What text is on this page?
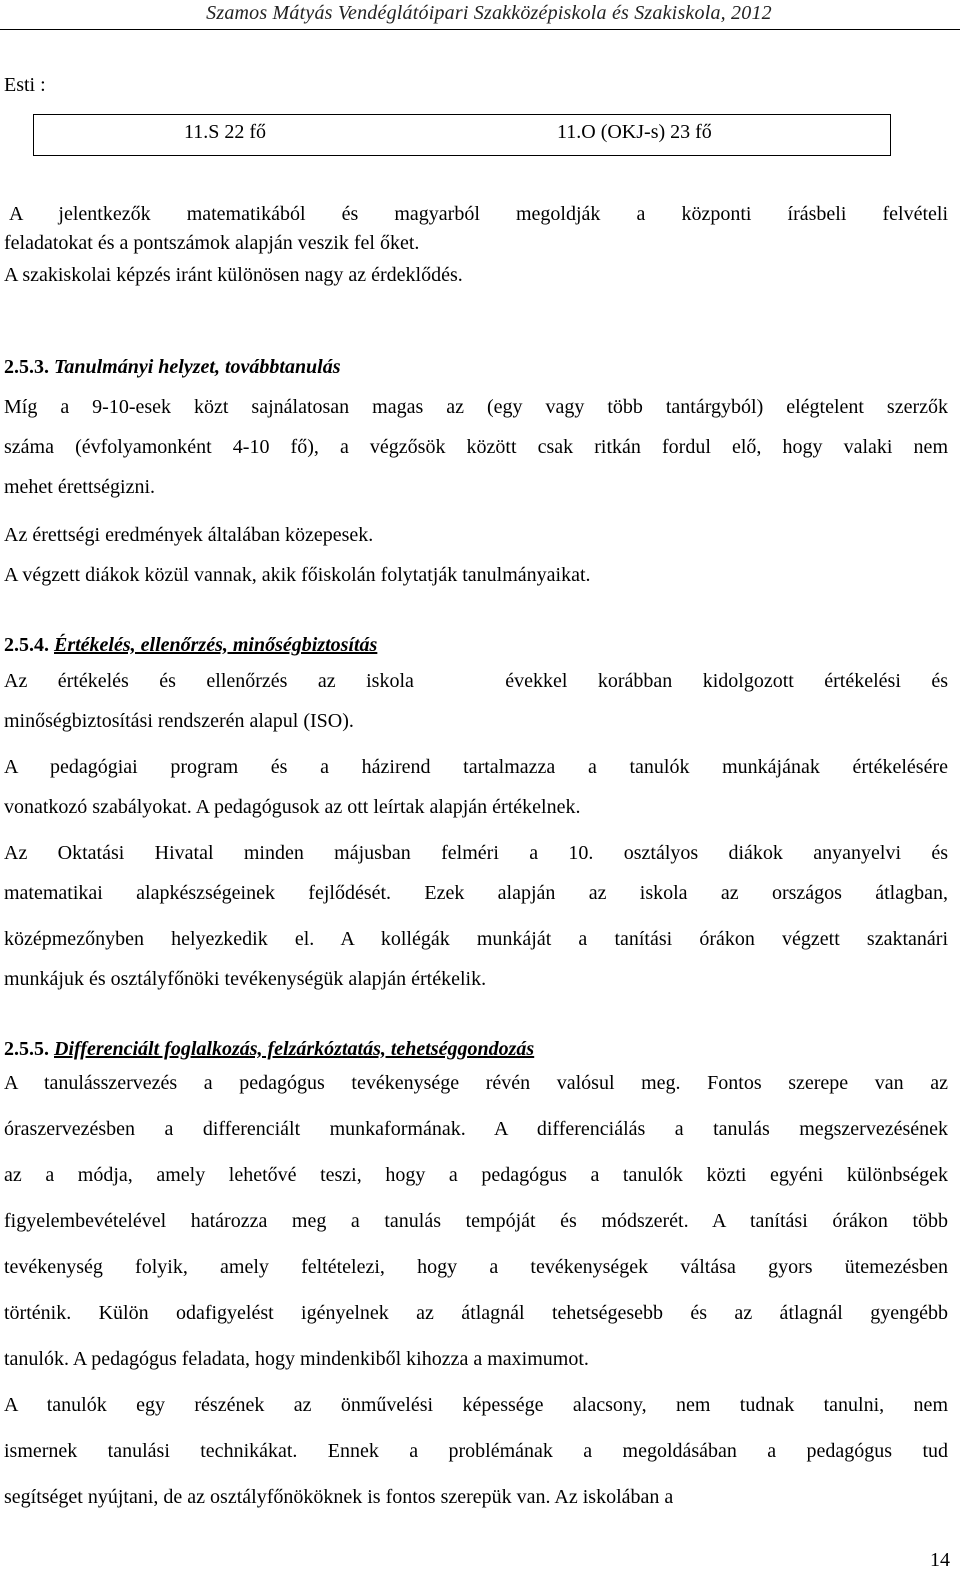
Szamos Mátyás Vendéglátóipari Szakközépiskola és Szakiskola, 2012
Esti :
11.S 22 fő	11.O (OKJ-s) 23 fő

A jelentkezők matematikából és magyarból megoldják a központi írásbeli felvételi

feladatokat és a pontszámok alapján veszik fel őket.

A szakiskolai képzés iránt különösen nagy az érdeklődés.

2.5.3. Tanulmányi helyzet, továbbtanulás

Míg a 9-10-esek közt sajnálatosan magas az (egy vagy több tantárgyból) elégtelent szerzők

száma (évfolyamonként 4-10 fő), a végzősök között csak ritkán fordul elő, hogy valaki nem

mehet érettségizni.

Az érettségi eredmények általában közepesek.

A végzett diákok közül vannak, akik főiskolán folytatják tanulmányaikat.

2.5.4. Értékelés, ellenőrzés, minőségbiztosítás

Az  értékelés  és  ellenőrzés  az  iskola      évekkel  korábban  kidolgozott  értékelési  és

minőségbiztosítási rendszerén alapul (ISO).

A pedagógiai program és a házirend tartalmazza a tanulók munkájának értékelésére

vonatkozó szabályokat. A pedagógusok az ott leírtak alapján értékelnek.

Az Oktatási Hivatal minden májusban felméri a 10. osztályos diákok anyanyelvi és

matematikai alapkészségeinek fejlődését. Ezek alapján az iskola az országos átlagban,

középmezőnyben helyezkedik el. A kollégák munkáját a tanítási órákon végzett szaktanári

munkájuk és osztályfőnöki tevékenységük alapján értékelik.

2.5.5. Differenciált foglalkozás, felzárkóztatás, tehetséggondozás

A tanulásszervezés a pedagógus tevékenysége révén valósul meg. Fontos szerepe van az

óraszervezésben a differenciált munkaformának. A differenciálás a tanulás megszervezésének

az a módja, amely lehetővé teszi, hogy a pedagógus a tanulók közti egyéni különbségek

figyelembevételével határozza meg a tanulás tempóját és módszerét. A tanítási órákon több

tevékenység folyik, amely feltételezi, hogy a tevékenységek váltása gyors ütemezésben

történik. Külön odafigyelést igényelnek az átlagnál tehetségesebb és az átlagnál gyengébb

tanulók. A pedagógus feladata, hogy mindenkiből kihozza a maximumot.

A tanulók egy részének az önművelési képessége alacsony, nem tudnak tanulni, nem

ismernek tanulási technikákat. Ennek a problémának a megoldásában a pedagógus tud

segítséget nyújtani, de az osztályfőnököknek is fontos szerepük van. Az iskolában a

14
